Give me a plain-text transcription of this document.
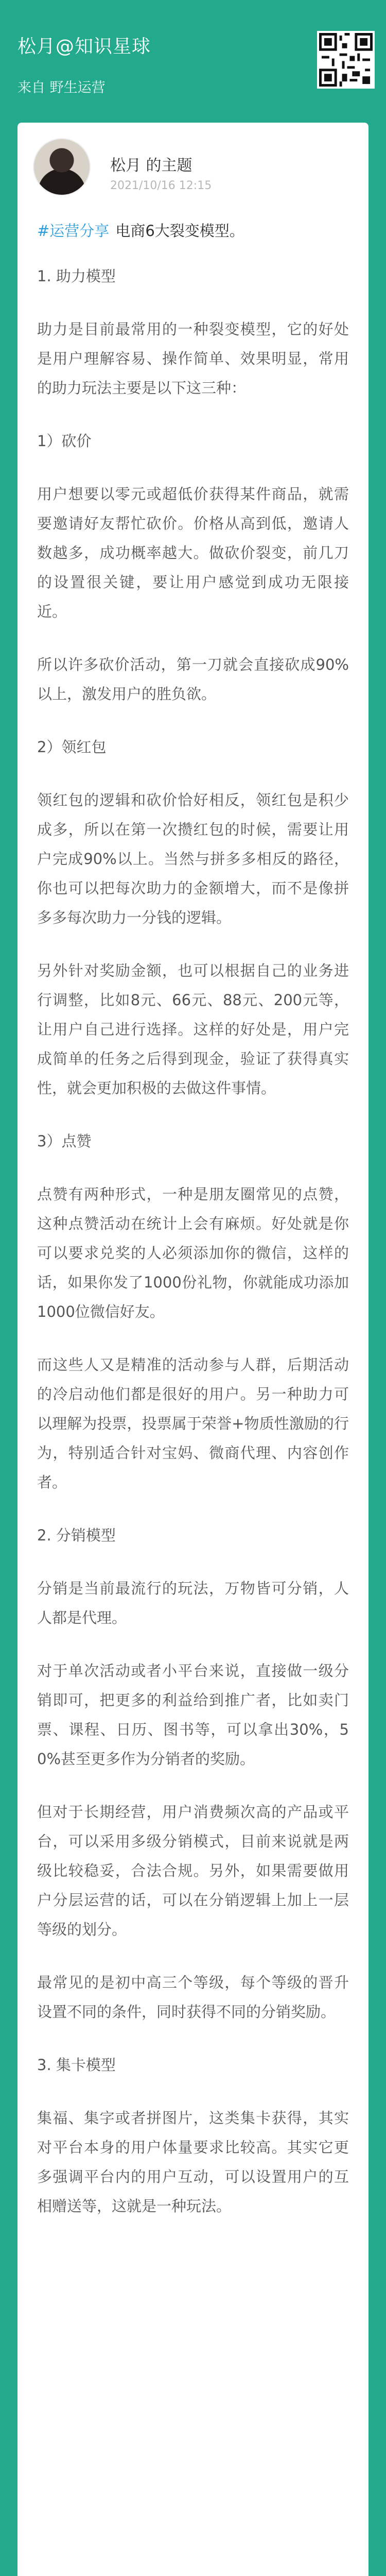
松月@知识星球
来自 野生运营
松月 的主题
2021/10/16 12:15
#运营分享 电商6大裂变模型。

1. 助力模型

助力是目前最常用的一种裂变模型，它的好处是用户理解容易、操作简单、效果明显，常用的助力玩法主要是以下这三种：

1）砍价

用户想要以零元或超低价获得某件商品，就需要邀请好友帮忙砍价。价格从高到低，邀请人数越多，成功概率越大。做砍价裂变，前几刀的设置很关键，要让用户感觉到成功无限接近。

所以许多砍价活动，第一刀就会直接砍成90%以上，激发用户的胜负欲。

2）领红包

领红包的逻辑和砍价恰好相反，领红包是积少成多，所以在第一次攒红包的时候，需要让用户完成90%以上。当然与拼多多相反的路径，你也可以把每次助力的金额增大，而不是像拼多多每次助力一分钱的逻辑。

另外针对奖励金额，也可以根据自己的业务进行调整，比如8元、66元、88元、200元等，让用户自己进行选择。这样的好处是，用户完成简单的任务之后得到现金，验证了获得真实性，就会更加积极的去做这件事情。

3）点赞

点赞有两种形式，一种是朋友圈常见的点赞，这种点赞活动在统计上会有麻烦。好处就是你可以要求兑奖的人必须添加你的微信，这样的话，如果你发了1000份礼物，你就能成功添加1000位微信好友。

而这些人又是精准的活动参与人群，后期活动的冷启动他们都是很好的用户。另一种助力可以理解为投票，投票属于荣誉+物质性激励的行为，特别适合针对宝妈、微商代理、内容创作者。

2. 分销模型

分销是当前最流行的玩法，万物皆可分销，人人都是代理。

对于单次活动或者小平台来说，直接做一级分销即可，把更多的利益给到推广者，比如卖门票、课程、日历、图书等，可以拿出30%，50%甚至更多作为分销者的奖励。

但对于长期经营，用户消费频次高的产品或平台，可以采用多级分销模式，目前来说就是两级比较稳妥，合法合规。另外，如果需要做用户分层运营的话，可以在分销逻辑上加上一层等级的划分。

最常见的是初中高三个等级，每个等级的晋升设置不同的条件，同时获得不同的分销奖励。

3. 集卡模型

集福、集字或者拼图片，这类集卡获得，其实对平台本身的用户体量要求比较高。其实它更多强调平台内的用户互动，可以设置用户的互相赠送等，这就是一种玩法。
